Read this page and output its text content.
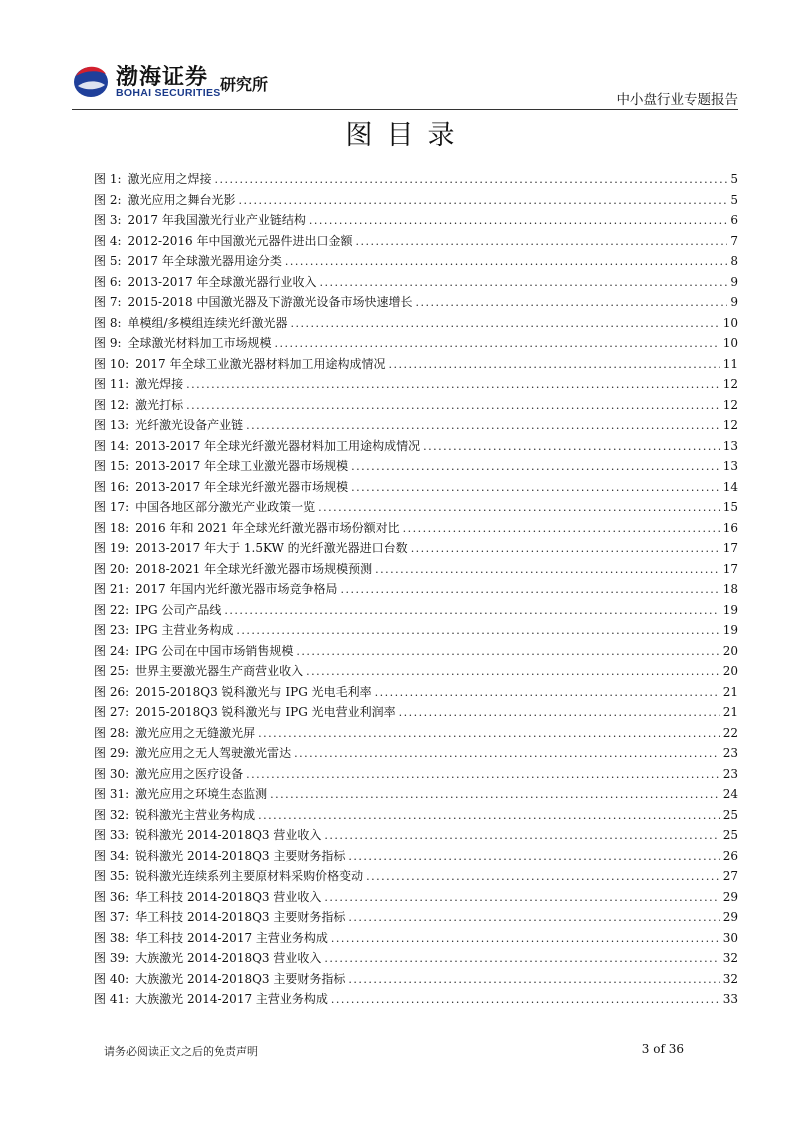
渤海证券
BOHAI SECURITIES 研究所
中小盘行业专题报告
图目录
图 1: 激光应用之焊接 .....	5
图 2: 激光应用之舞台光影 .....	5
图 3: 2017 年我国激光行业产业链结构 .....	6
图 4: 2012-2016 年中国激光元器件进出口金额 .....	7
图 5: 2017 年全球激光器用途分类 .....	8
图 6: 2013-2017 年全球激光器行业收入 .....	9
图 7: 2015-2018 中国激光器及下游激光设备市场快速增长 .....	9
图 8: 单模组/多模组连续光纤激光器 .....	10
图 9: 全球激光材料加工市场规模 .....	10
图 10: 2017 年全球工业激光器材料加工用途构成情况 .....	11
图 11: 激光焊接 .....	12
图 12: 激光打标 .....	12
图 13: 光纤激光设备产业链 .....	12
图 14: 2013-2017 年全球光纤激光器材料加工用途构成情况 .....	13
图 15: 2013-2017 年全球工业激光器市场规模 .....	13
图 16: 2013-2017 年全球光纤激光器市场规模 .....	14
图 17: 中国各地区部分激光产业政策一览 .....	15
图 18: 2016 年和 2021 年全球光纤激光器市场份额对比 .....	16
图 19: 2013-2017 年大于 1.5KW 的光纤激光器进口台数 .....	17
图 20: 2018-2021 年全球光纤激光器市场规模预测 .....	17
图 21: 2017 年国内光纤激光器市场竞争格局 .....	18
图 22: IPG 公司产品线 .....	19
图 23: IPG 主营业务构成 .....	19
图 24: IPG 公司在中国市场销售规模 .....	20
图 25: 世界主要激光器生产商营业收入 .....	20
图 26: 2015-2018Q3 锐科激光与 IPG 光电毛利率 .....	21
图 27: 2015-2018Q3 锐科激光与 IPG 光电营业利润率 .....	21
图 28: 激光应用之无缝激光屏 .....	22
图 29: 激光应用之无人驾驶激光雷达 .....	23
图 30: 激光应用之医疗设备 .....	23
图 31: 激光应用之环境生态监测 .....	24
图 32: 锐科激光主营业务构成 .....	25
图 33: 锐科激光 2014-2018Q3 营业收入 .....	25
图 34: 锐科激光 2014-2018Q3 主要财务指标 .....	26
图 35: 锐科激光连续系列主要原材料采购价格变动 .....	27
图 36: 华工科技 2014-2018Q3 营业收入 .....	29
图 37: 华工科技 2014-2018Q3 主要财务指标 .....	29
图 38: 华工科技 2014-2017 主营业务构成 .....	30
图 39: 大族激光 2014-2018Q3 营业收入 .....	32
图 40: 大族激光 2014-2018Q3 主要财务指标 .....	32
图 41: 大族激光 2014-2017 主营业务构成 .....	33
请务必阅读正文之后的免责声明	3 of 36
